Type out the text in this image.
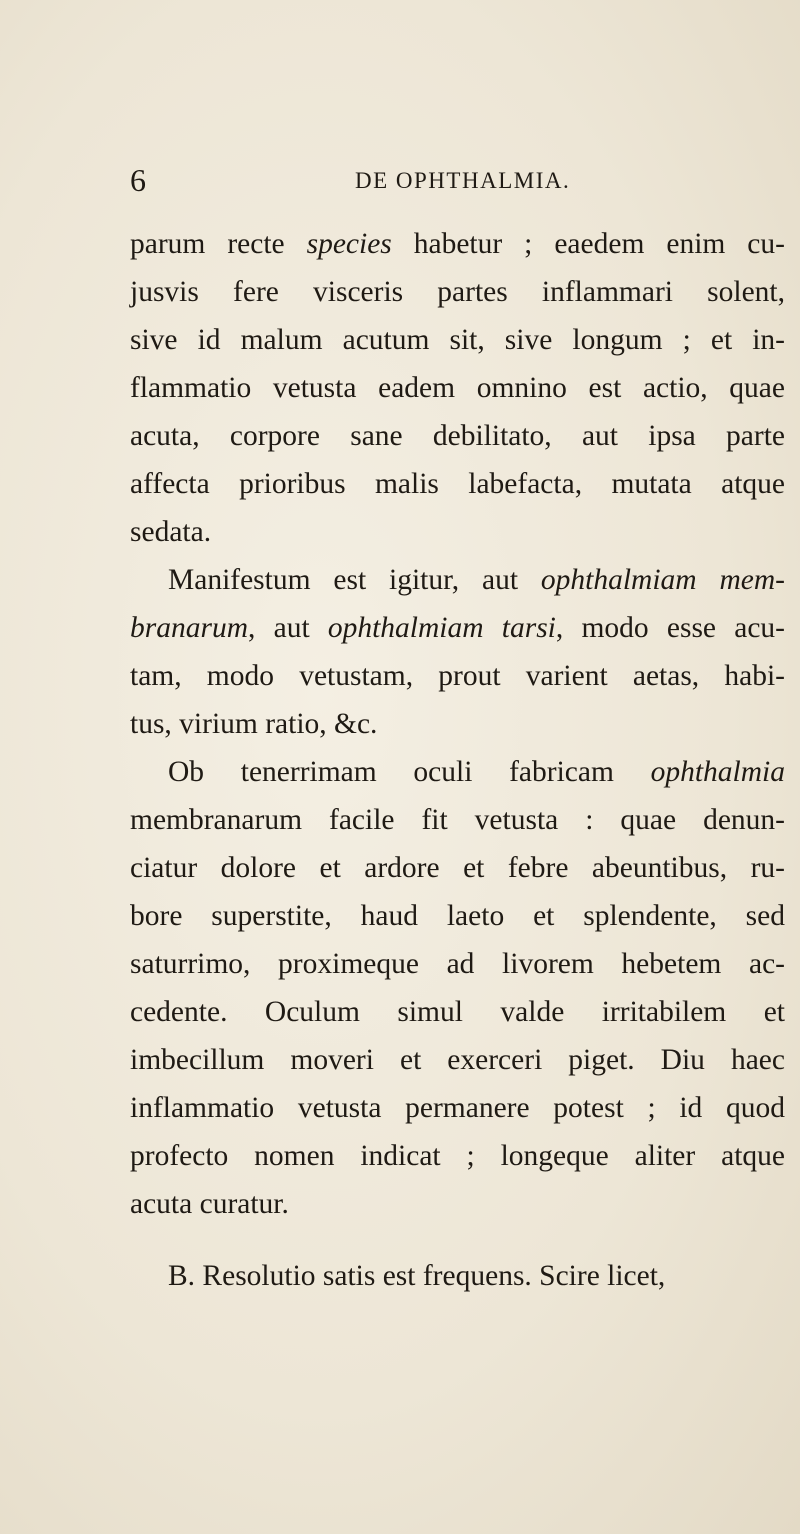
6	DE OPHTHALMIA.
parum recte species habetur ; eaedem enim cu-
jusvis fere visceris partes inflammari solent,
sive id malum acutum sit, sive longum ; et in-
flammatio vetusta eadem omnino est actio, quae
acuta, corpore sane debilitato, aut ipsa parte
affecta prioribus malis labefacta, mutata atque
sedata.
Manifestum est igitur, aut ophthalmiam mem-
branarum, aut ophthalmiam tarsi, modo esse acu-
tam, modo vetustam, prout varient aetas, habi-
tus, virium ratio, &c.
Ob tenerrimam oculi fabricam ophthalmia
membranarum facile fit vetusta : quae denun-
ciatur dolore et ardore et febre abeuntibus, ru-
bore superstite, haud laeto et splendente, sed
saturrimo, proximeque ad livorem hebetem ac-
cedente. Oculum simul valde irritabilem et
imbecillum moveri et exerceri piget. Diu haec
inflammatio vetusta permanere potest ; id quod
profecto nomen indicat ; longeque aliter atque
acuta curatur.
B. Resolutio satis est frequens. Scire licet,
